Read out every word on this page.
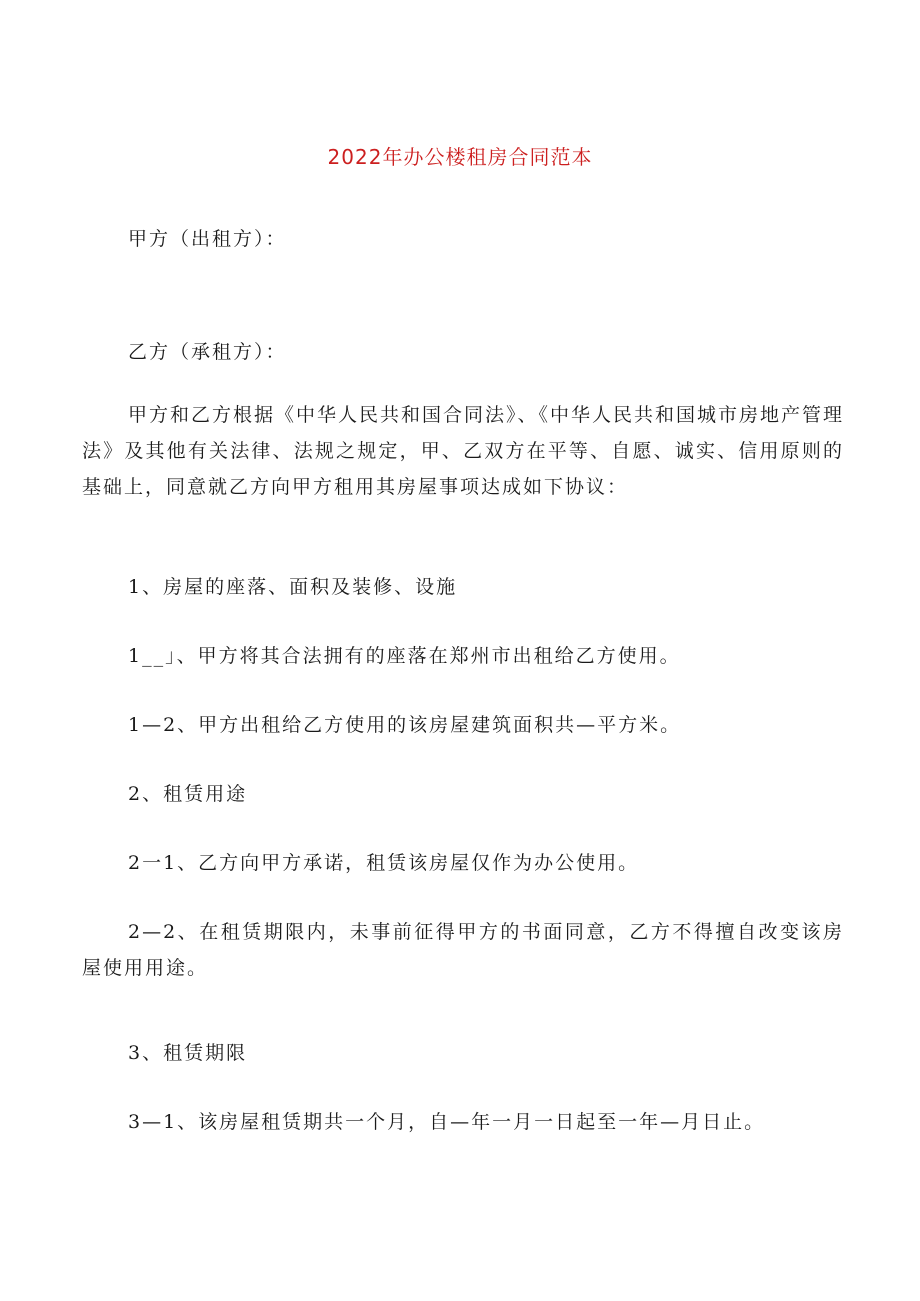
2022年办公楼租房合同范本

甲方（出租方）：

乙方（承租方）：

甲方和乙方根据《中华人民共和国合同法》、《中华人民共和国城市房地产管理法》及其他有关法律、法规之规定，甲、乙双方在平等、自愿、诚实、信用原则的基础上，同意就乙方向甲方租用其房屋事项达成如下协议：

1、房屋的座落、面积及装修、设施

1__」、甲方将其合法拥有的座落在郑州市出租给乙方使用。

1—2、甲方出租给乙方使用的该房屋建筑面积共—平方米。

2、租赁用途

2一1、乙方向甲方承诺，租赁该房屋仅作为办公使用。

2—2、在租赁期限内，未事前征得甲方的书面同意，乙方不得擅自改变该房屋使用用途。

3、租赁期限

3—1、该房屋租赁期共一个月，自—年一月一日起至一年—月日止。
